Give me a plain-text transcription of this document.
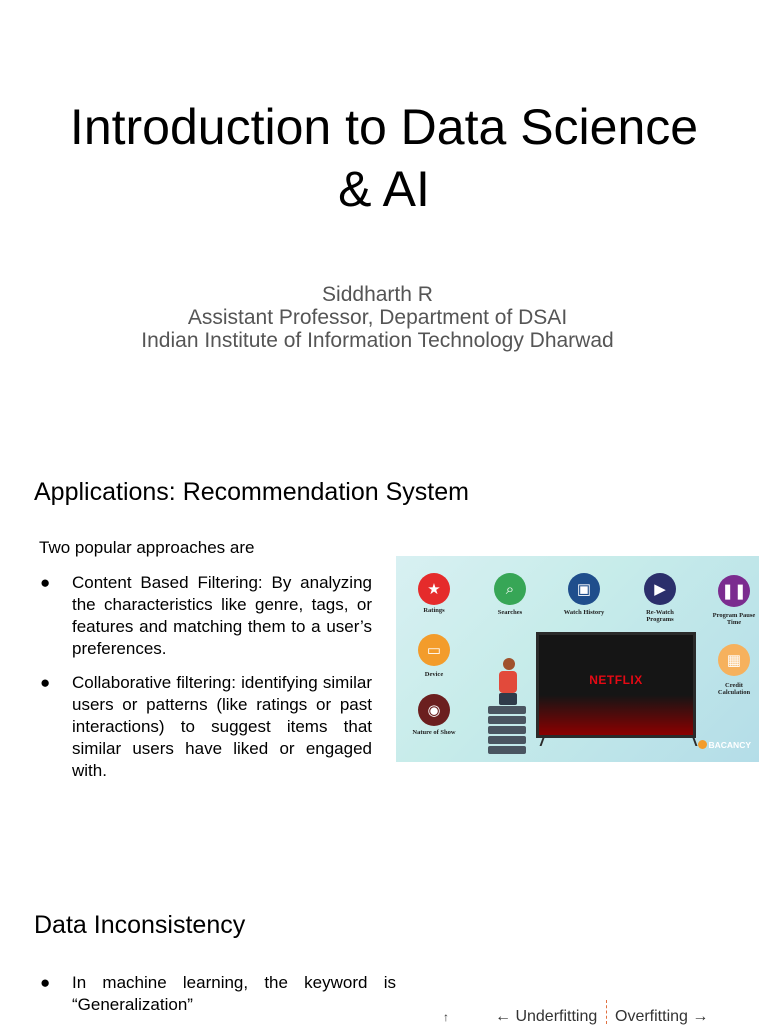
Introduction to Data Science
& AI
Siddharth R
Assistant Professor, Department of DSAI
Indian Institute of Information Technology Dharwad
Applications: Recommendation System
Two popular approaches are
● Content Based Filtering: By analyzing the characteristics like genre, tags, or features and matching them to a user’s preferences.
● Collaborative filtering: identifying similar users or patterns (like ratings or past interactions) to suggest items that similar users have liked or engaged with.
★
Ratings
⌕
Searches
▣
Watch History
▶
Re-Watch Programs
❚❚
Program Pause Time
▭
Device
▦
Credit Calculation
◉
Nature of Show
NETFLIX
BACANCY
Data Inconsistency
● In machine learning, the keyword is “Generalization”
↑	← Underfitting Overfitting →
